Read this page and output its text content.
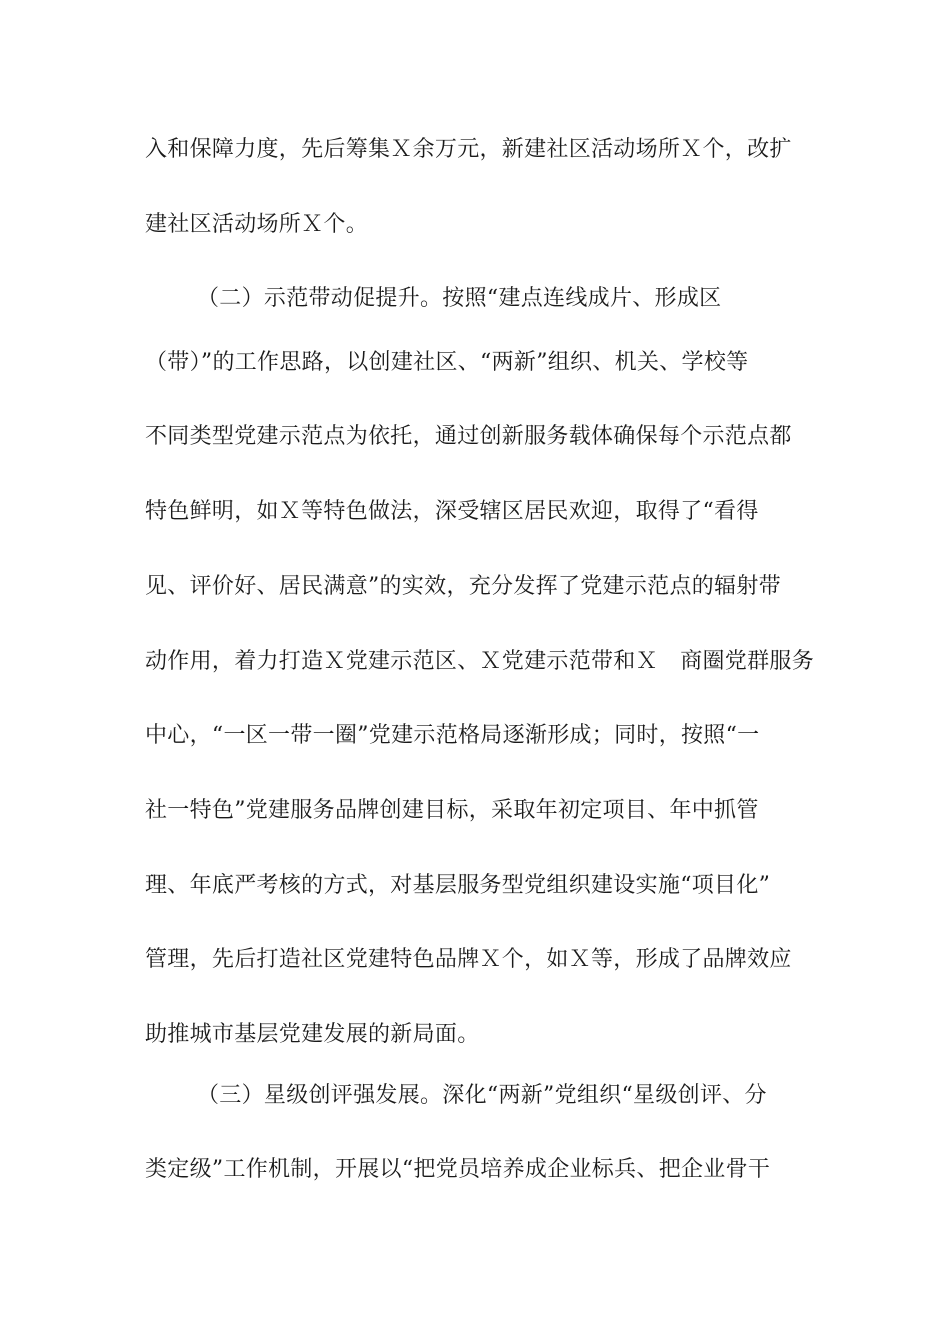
入和保障力度，先后筹集Ｘ余万元，新建社区活动场所Ｘ个，改扩
建社区活动场所Ｘ个。
（二）示范带动促提升。按照“建点连线成片、形成区
（带）”的工作思路，以创建社区、“两新”组织、机关、学校等
不同类型党建示范点为依托，通过创新服务载体确保每个示范点都
特色鲜明，如Ｘ等特色做法，深受辖区居民欢迎，取得了“看得
见、评价好、居民满意”的实效，充分发挥了党建示范点的辐射带
动作用，着力打造Ｘ党建示范区、Ｘ党建示范带和Ｘ　商圈党群服务
中心，“一区一带一圈”党建示范格局逐渐形成；同时，按照“一
社一特色”党建服务品牌创建目标，采取年初定项目、年中抓管
理、年底严考核的方式，对基层服务型党组织建设实施“项目化”
管理，先后打造社区党建特色品牌Ｘ个，如Ｘ等，形成了品牌效应
助推城市基层党建发展的新局面。
（三）星级创评强发展。深化“两新”党组织“星级创评、分
类定级”工作机制，开展以“把党员培养成企业标兵、把企业骨干
